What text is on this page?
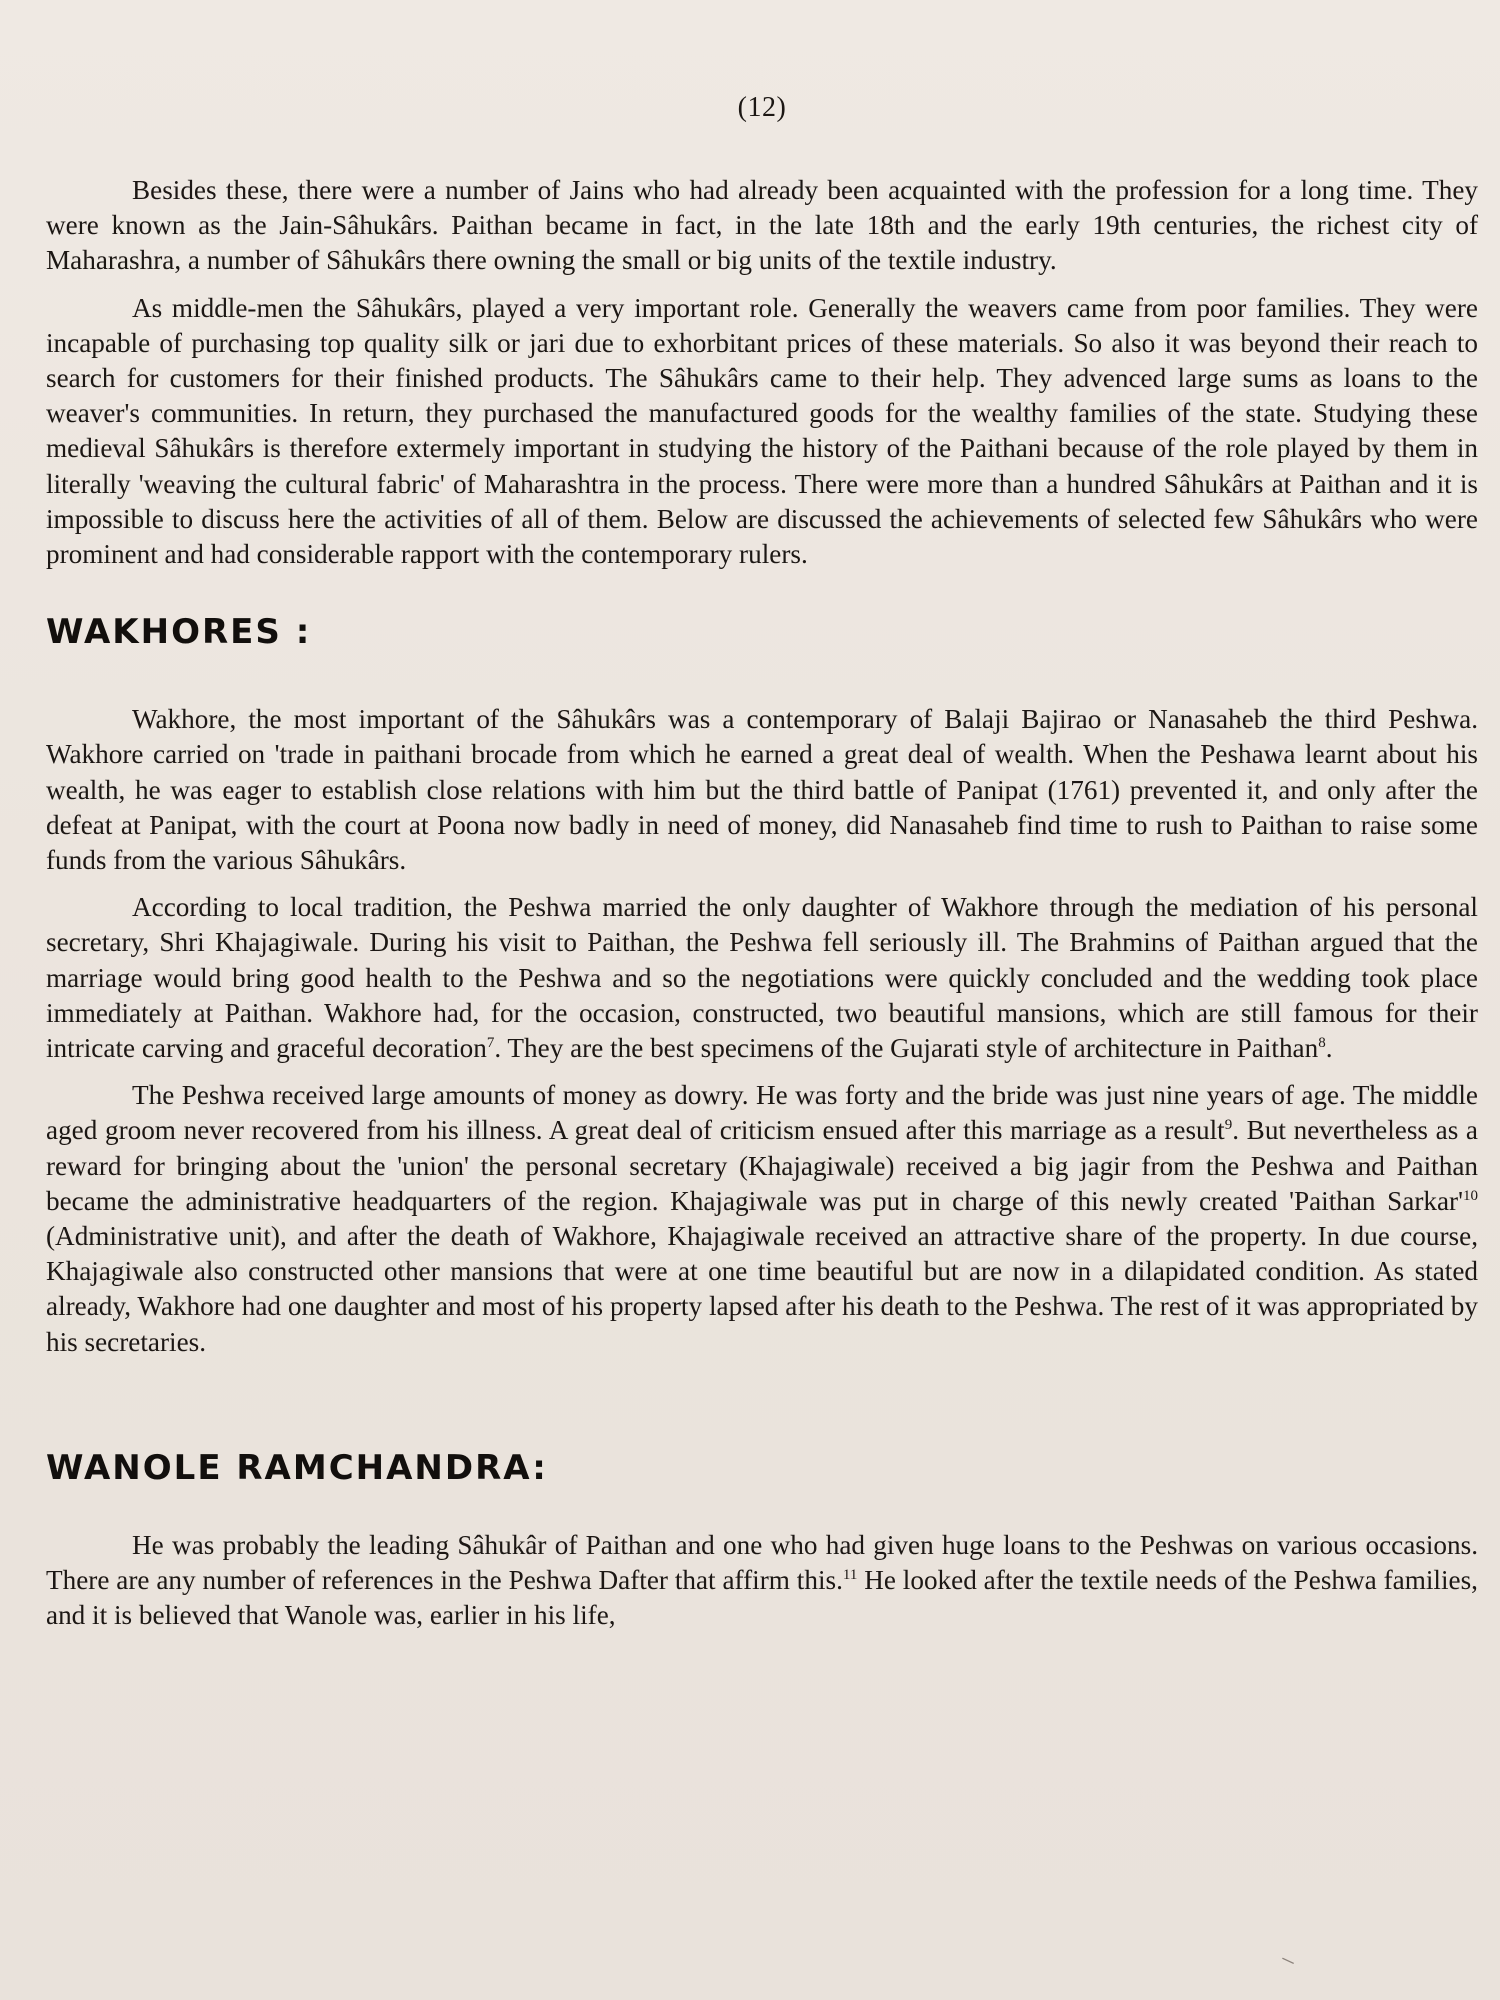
(12)

Besides these, there were a number of Jains who had already been acquainted with the profession for a long time. They were known as the Jain-Sâhukârs. Paithan became in fact, in the late 18th and the early 19th centuries, the richest city of Maharashra, a number of Sâhukârs there owning the small or big units of the textile industry.

As middle-men the Sâhukârs, played a very important role. Generally the weavers came from poor families. They were incapable of purchasing top quality silk or jari due to exhorbitant prices of these materials. So also it was beyond their reach to search for customers for their finished products. The Sâhukârs came to their help. They advenced large sums as loans to the weaver's communities. In return, they purchased the manufactured goods for the wealthy families of the state. Studying these medieval Sâhukârs is therefore extermely important in studying the history of the Paithani because of the role played by them in literally 'weaving the cultural fabric' of Maharashtra in the process. There were more than a hundred Sâhukârs at Paithan and it is impossible to discuss here the activities of all of them. Below are discussed the achievements of selected few Sâhukârs who were prominent and had considerable rapport with the contemporary rulers.

WAKHORES :

Wakhore, the most important of the Sâhukârs was a contemporary of Balaji Bajirao or Nanasaheb the third Peshwa. Wakhore carried on 'trade in paithani brocade from which he earned a great deal of wealth. When the Peshawa learnt about his wealth, he was eager to establish close relations with him but the third battle of Panipat (1761) prevented it, and only after the defeat at Panipat, with the court at Poona now badly in need of money, did Nanasaheb find time to rush to Paithan to raise some funds from the various Sâhukârs.

According to local tradition, the Peshwa married the only daughter of Wakhore through the mediation of his personal secretary, Shri Khajagiwale. During his visit to Paithan, the Peshwa fell seriously ill. The Brahmins of Paithan argued that the marriage would bring good health to the Peshwa and so the negotiations were quickly concluded and the wedding took place immediately at Paithan. Wakhore had, for the occasion, constructed, two beautiful mansions, which are still famous for their intricate carving and graceful decoration$^7$. They are the best specimens of the Gujarati style of architecture in Paithan$^8$.

The Peshwa received large amounts of money as dowry. He was forty and the bride was just nine years of age. The middle aged groom never recovered from his illness. A great deal of criticism ensued after this marriage as a result$^9$. But nevertheless as a reward for bringing about the 'union' the personal secretary (Khajagiwale) received a big jagir from the Peshwa and Paithan became the administrative headquarters of the region. Khajagiwale was put in charge of this newly created 'Paithan $Sarkar'^{10}$ (Administrative unit), and after the death of Wakhore, Khajagiwale received an attractive share of the property. In due course, Khajagiwale also constructed other mansions that were at one time beautiful but are now in a dilapidated condition. As stated already, Wakhore had one daughter and most of his property lapsed after his death to the Peshwa. The rest of it was appropriated by his secretaries.

WANOLE RAMCHANDRA:

He was probably the leading Sâhukâr of Paithan and one who had given huge loans to the Peshwas on various occasions. There are any number of references in the Peshwa Dafter that affirm this.$^{11}$ He looked after the textile needs of the Peshwa families, and it is believed that Wanole was, earlier in his life,

⸜
